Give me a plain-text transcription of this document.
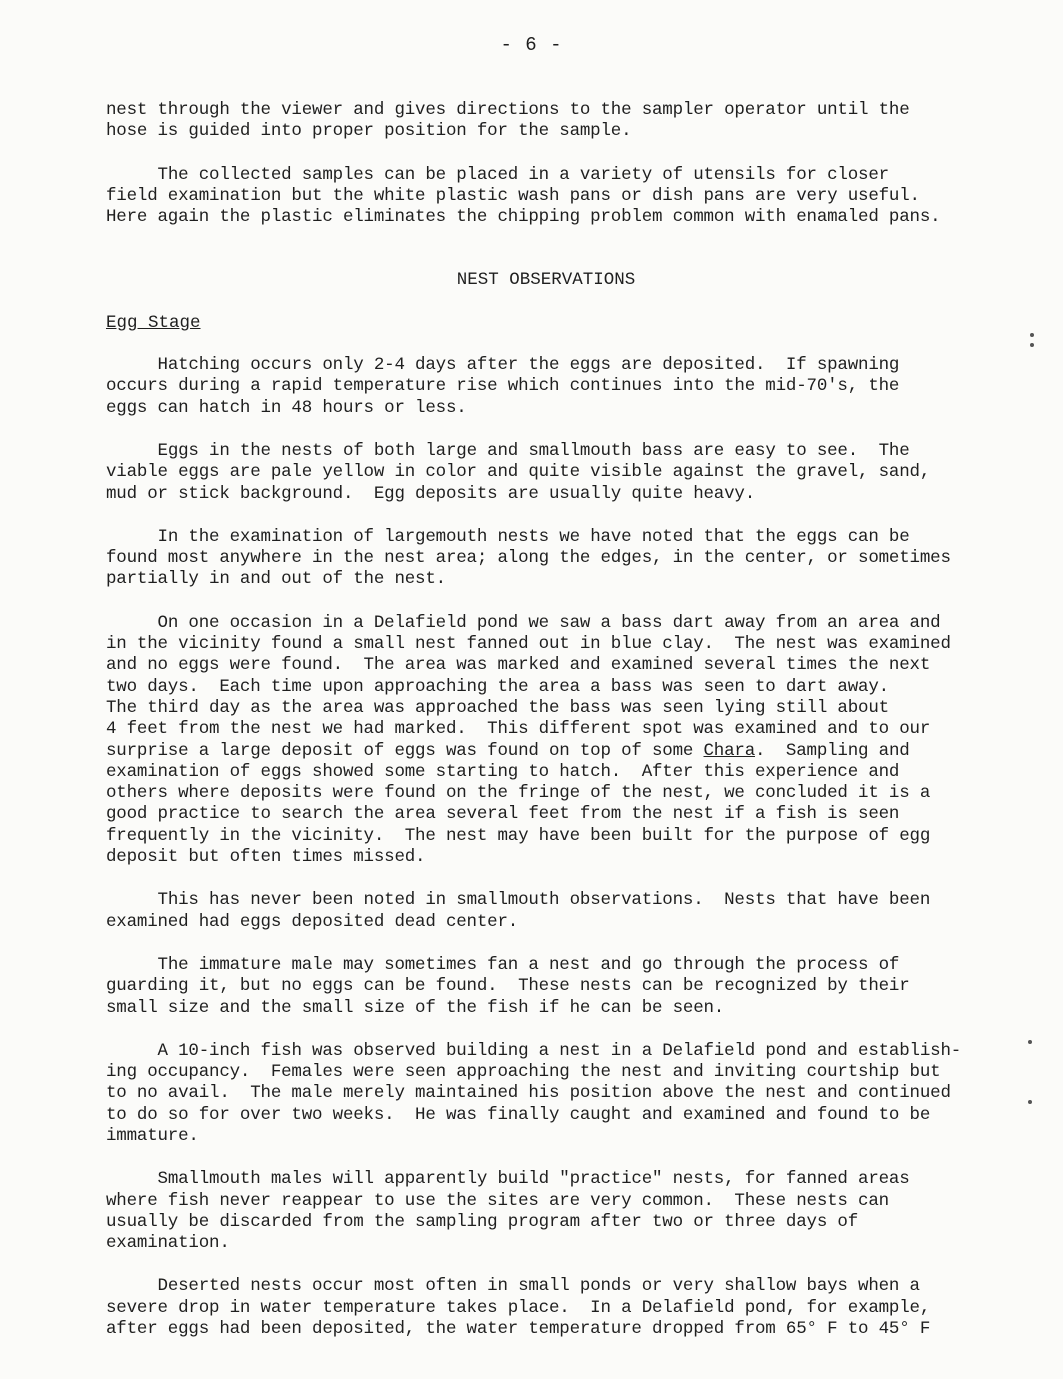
- 6 -

nest through the viewer and gives directions to the sampler operator until the
hose is guided into proper position for the sample.

The collected samples can be placed in a variety of utensils for closer
field examination but the white plastic wash pans or dish pans are very useful.
Here again the plastic eliminates the chipping problem common with enamaled pans.

NEST OBSERVATIONS

Egg Stage

Hatching occurs only 2-4 days after the eggs are deposited.  If spawning
occurs during a rapid temperature rise which continues into the mid-70's, the
eggs can hatch in 48 hours or less.

Eggs in the nests of both large and smallmouth bass are easy to see.  The
viable eggs are pale yellow in color and quite visible against the gravel, sand,
mud or stick background.  Egg deposits are usually quite heavy.

In the examination of largemouth nests we have noted that the eggs can be
found most anywhere in the nest area; along the edges, in the center, or sometimes
partially in and out of the nest.

On one occasion in a Delafield pond we saw a bass dart away from an area and
in the vicinity found a small nest fanned out in blue clay.  The nest was examined
and no eggs were found.  The area was marked and examined several times the next
two days.  Each time upon approaching the area a bass was seen to dart away.
The third day as the area was approached the bass was seen lying still about
4 feet from the nest we had marked.  This different spot was examined and to our
surprise a large deposit of eggs was found on top of some Chara.  Sampling and
examination of eggs showed some starting to hatch.  After this experience and
others where deposits were found on the fringe of the nest, we concluded it is a
good practice to search the area several feet from the nest if a fish is seen
frequently in the vicinity.  The nest may have been built for the purpose of egg
deposit but often times missed.

This has never been noted in smallmouth observations.  Nests that have been
examined had eggs deposited dead center.

The immature male may sometimes fan a nest and go through the process of
guarding it, but no eggs can be found.  These nests can be recognized by their
small size and the small size of the fish if he can be seen.

A 10-inch fish was observed building a nest in a Delafield pond and establish-
ing occupancy.  Females were seen approaching the nest and inviting courtship but
to no avail.  The male merely maintained his position above the nest and continued
to do so for over two weeks.  He was finally caught and examined and found to be
immature.

Smallmouth males will apparently build "practice" nests, for fanned areas
where fish never reappear to use the sites are very common.  These nests can
usually be discarded from the sampling program after two or three days of
examination.

Deserted nests occur most often in small ponds or very shallow bays when a
severe drop in water temperature takes place.  In a Delafield pond, for example,
after eggs had been deposited, the water temperature dropped from 65° F to 45° F
